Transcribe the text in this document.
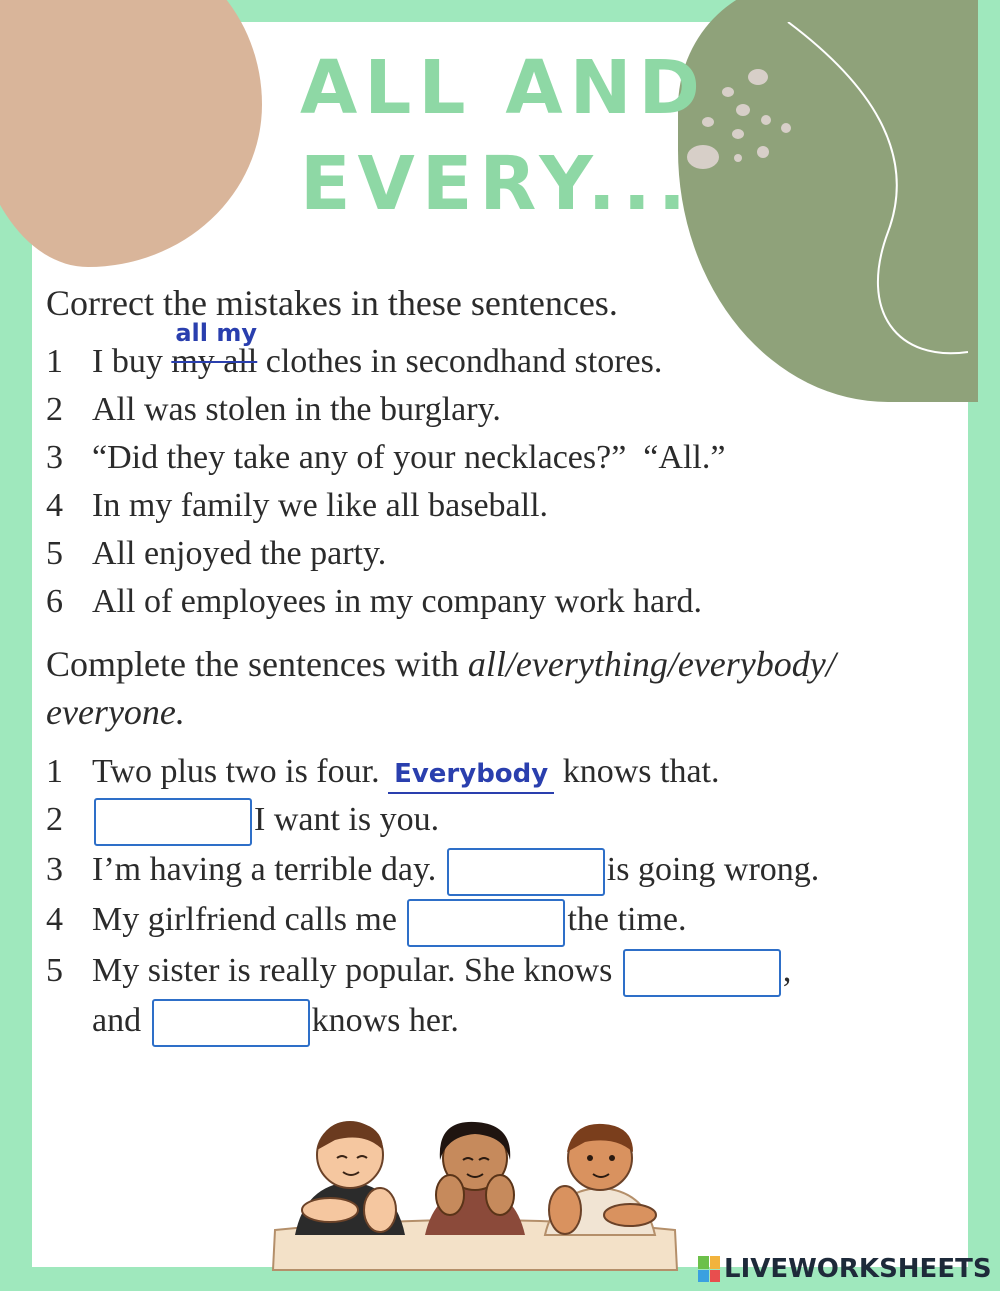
ALL AND
EVERY...
Correct the mistakes in these sentences.
1 I buy my all
all my
clothes in secondhand stores.
2 All was stolen in the burglary.
3 “Did they take any of your necklaces?”  “All.”
4 In my family we like all baseball.
5 All enjoyed the party.
6 All of employees in my company work hard.
Complete the sentences with all/everything/everybody/ everyone.
1 Two plus two is four. Everybody knows that.
2	I want is you.
3 I’m having a terrible day.	is going wrong.
4 My girlfriend calls me	the time.
5 My sister is really popular. She knows	,
and	knows her.
LIVEWORKSHEETS
